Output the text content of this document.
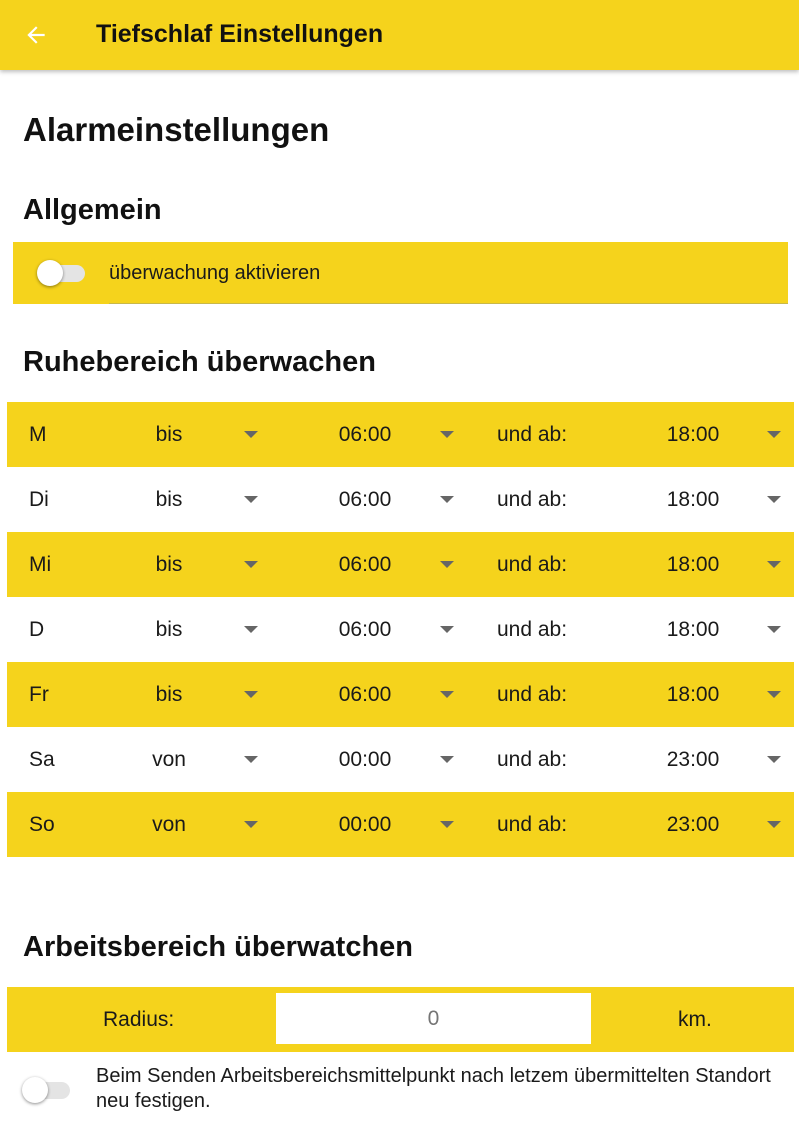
Tiefschlaf Einstellungen
Alarmeinstellungen
Allgemein
überwachung aktivieren
Ruhebereich überwachen
M	bis	06:00	und ab:	18:00
Di	bis	06:00	und ab:	18:00
Mi	bis	06:00	und ab:	18:00
D	bis	06:00	und ab:	18:00
Fr	bis	06:00	und ab:	18:00
Sa	von	00:00	und ab:	23:00
So	von	00:00	und ab:	23:00
Arbeitsbereich überwatchen
Radius:
0	km.
Beim Senden Arbeitsbereichsmittelpunkt nach letzem übermittelten Standort neu festigen.
